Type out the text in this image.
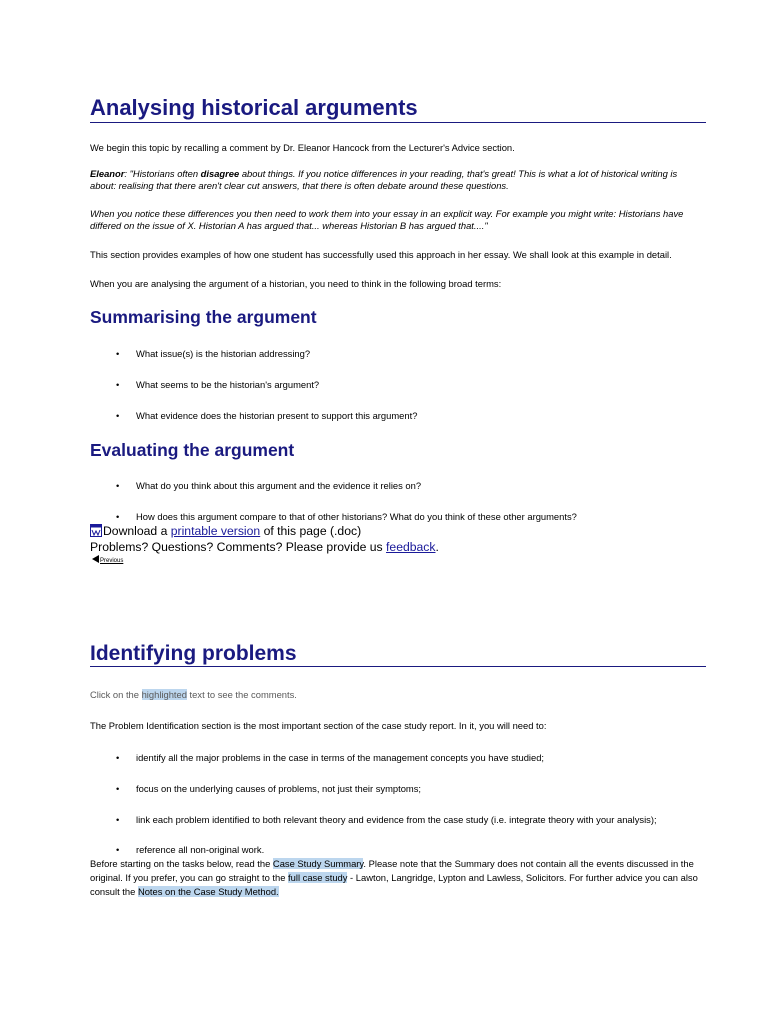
Analysing historical arguments

We begin this topic by recalling a comment by Dr. Eleanor Hancock from the Lecturer's Advice section.

Eleanor: "Historians often disagree about things. If you notice differences in your reading, that's great! This is what a lot of historical writing is about: realising that there aren't clear cut answers, that there is often debate around these questions.

When you notice these differences you then need to work them into your essay in an explicit way. For example you might write: Historians have differed on the issue of X. Historian A has argued that... whereas Historian B has argued that...."

This section provides examples of how one student has successfully used this approach in her essay. We shall look at this example in detail.

When you are analysing the argument of a historian, you need to think in the following broad terms:

Summarising the argument
• What issue(s) is the historian addressing?
• What seems to be the historian's argument?
• What evidence does the historian present to support this argument?
Evaluating the argument
• What do you think about this argument and the evidence it relies on?
• How does this argument compare to that of other historians? What do you think of these other arguments?

Download a printable version of this page (.doc)

Problems? Questions? Comments? Please provide us feedback.

Previous
Identifying problems

Click on the highlighted text to see the comments.

The Problem Identification section is the most important section of the case study report. In it, you will need to:

• identify all the major problems in the case in terms of the management concepts you have studied;
• focus on the underlying causes of problems, not just their symptoms;
• link each problem identified to both relevant theory and evidence from the case study (i.e. integrate theory with your analysis);
• reference all non-original work.

Before starting on the tasks below, read the Case Study Summary. Please note that the Summary does not contain all the events discussed in the original. If you prefer, you can go straight to the full case study - Lawton, Langridge, Lypton and Lawless, Solicitors. For further advice you can also consult the Notes on the Case Study Method.
